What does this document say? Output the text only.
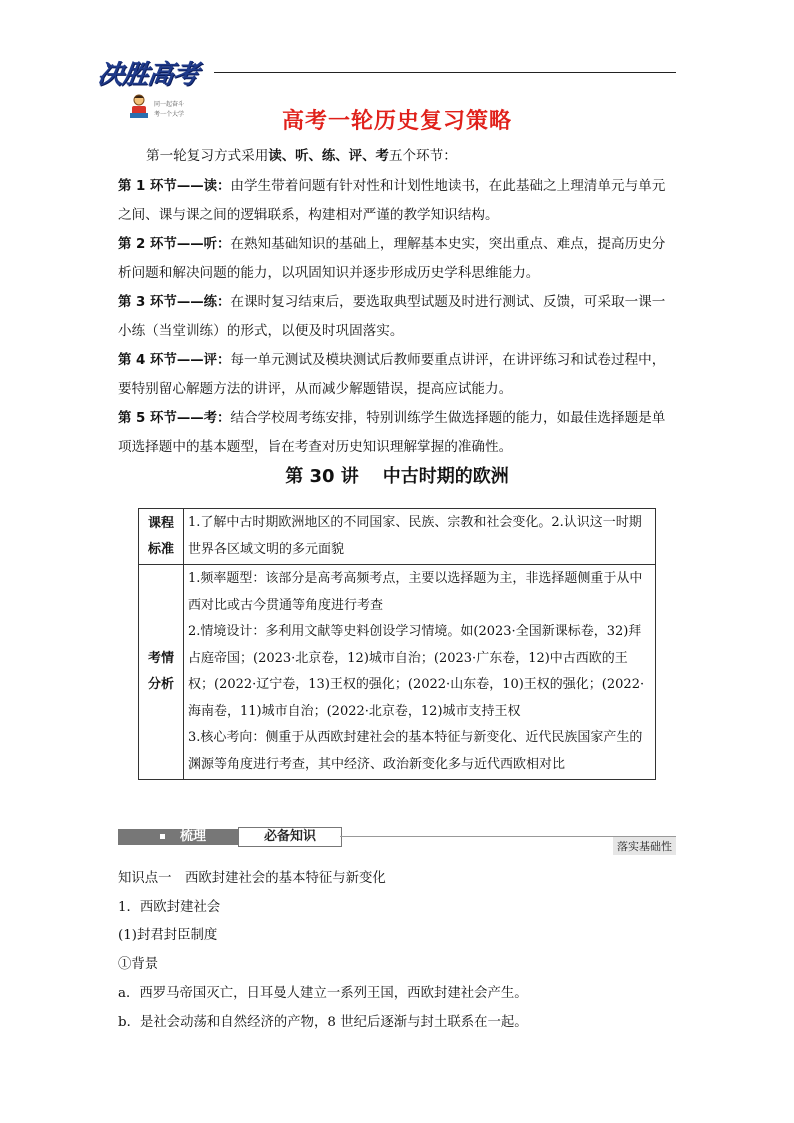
决胜高考
同一起奋斗
考一个大学	高考一轮历史复习策略

第一轮复习方式采用读、听、练、评、考五个环节：

第 1 环节——读：由学生带着问题有针对性和计划性地读书，在此基础之上理清单元与单元之间、课与课之间的逻辑联系，构建相对严谨的教学知识结构。

第 2 环节——听：在熟知基础知识的基础上，理解基本史实，突出重点、难点，提高历史分析问题和解决问题的能力，以巩固知识并逐步形成历史学科思维能力。

第 3 环节——练：在课时复习结束后，要选取典型试题及时进行测试、反馈，可采取一课一小练（当堂训练）的形式，以便及时巩固落实。

第 4 环节——评：每一单元测试及模块测试后教师要重点讲评，在讲评练习和试卷过程中，要特别留心解题方法的讲评，从而减少解题错误，提高应试能力。

第 5 环节——考：结合学校周考练安排，特别训练学生做选择题的能力，如最佳选择题是单项选择题中的基本题型，旨在考查对历史知识理解掌握的准确性。

第 30 讲 中古时期的欧洲
课程标准	1.了解中古时期欧洲地区的不同国家、民族、宗教和社会变化。2.认识这一时期世界各区域文明的多元面貌
考情分析	1.频率题型：该部分是高考高频考点，主要以选择题为主，非选择题侧重于从中西对比或古今贯通等角度进行考查
2.情境设计：多利用文献等史料创设学习情境。如(2023·全国新课标卷，32)拜占庭帝国；(2023·北京卷，12)城市自治；(2023·广东卷，12)中古西欧的王权；(2022·辽宁卷，13)王权的强化；(2022·山东卷，10)王权的强化；(2022·海南卷，11)城市自治；(2022·北京卷，12)城市支持王权
3.核心考向：侧重于从西欧封建社会的基本特征与新变化、近代民族国家产生的渊源等角度进行考查，其中经济、政治新变化多与近代西欧相对比
梳理	必备知识
落实基础性

知识点一　西欧封建社会的基本特征与新变化

1．西欧封建社会

(1)封君封臣制度

①背景

a．西罗马帝国灭亡，日耳曼人建立一系列王国，西欧封建社会产生。

b．是社会动荡和自然经济的产物，8 世纪后逐渐与封土联系在一起。
